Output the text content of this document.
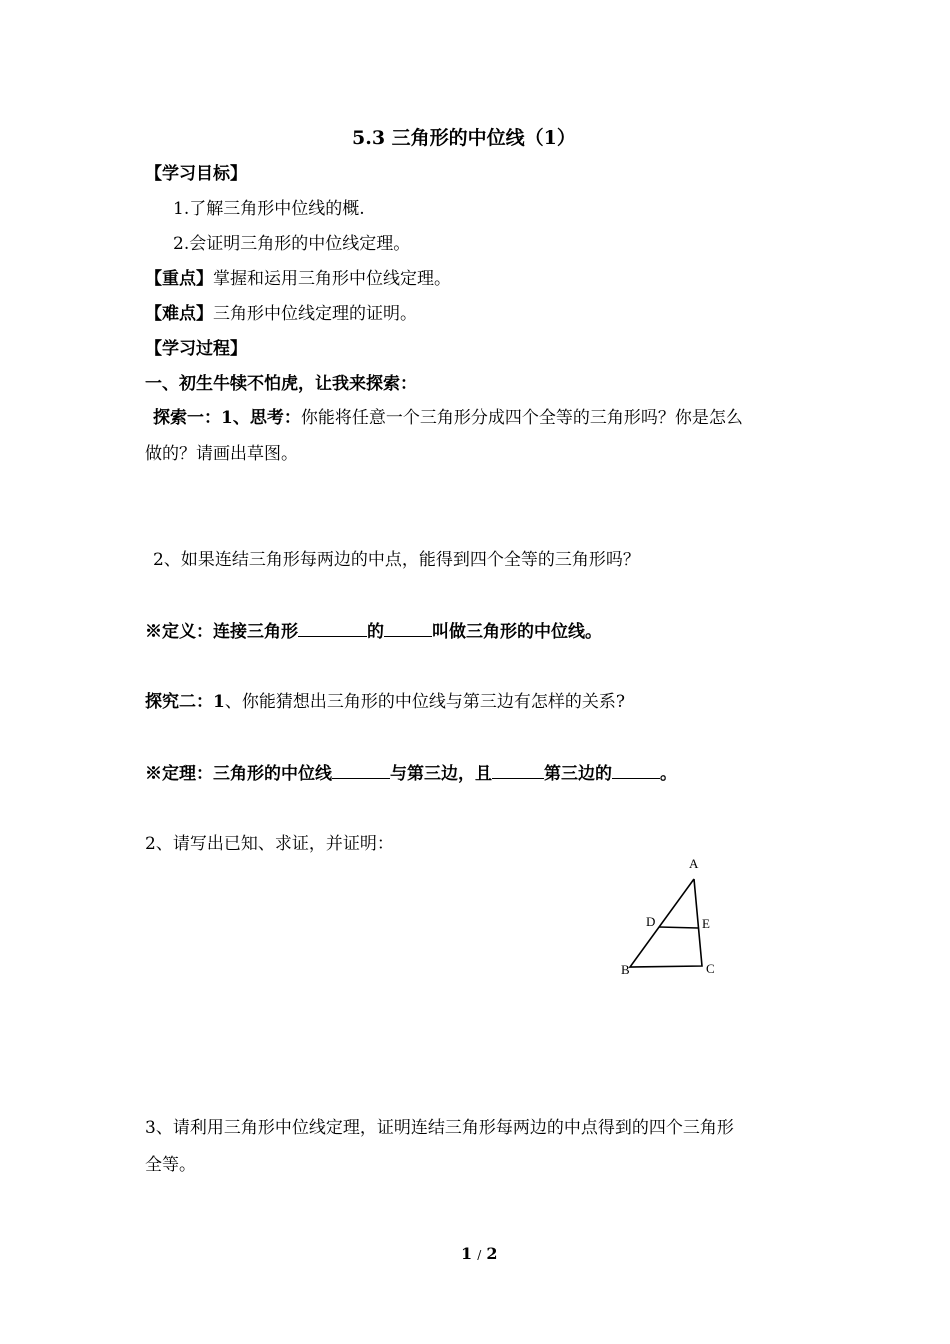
5.3 三角形的中位线（1）
【学习目标】
1.了解三角形中位线的概.
2.会证明三角形的中位线定理。
【重点】掌握和运用三角形中位线定理。
【难点】三角形中位线定理的证明。
【学习过程】
一、初生牛犊不怕虎，让我来探索：
探索一：1、思考：你能将任意一个三角形分成四个全等的三角形吗？你是怎么
做的？请画出草图。
2、如果连结三角形每两边的中点，能得到四个全等的三角形吗？
※定义：连接三角形	的	叫做三角形的中位线。
探究二：1、你能猜想出三角形的中位线与第三边有怎样的关系?
※定理：三角形的中位线	与第三边，且	第三边的	。
2、请写出已知、求证，并证明：
A
D	E
B	C
3、请利用三角形中位线定理，证明连结三角形每两边的中点得到的四个三角形
全等。
1 / 2
